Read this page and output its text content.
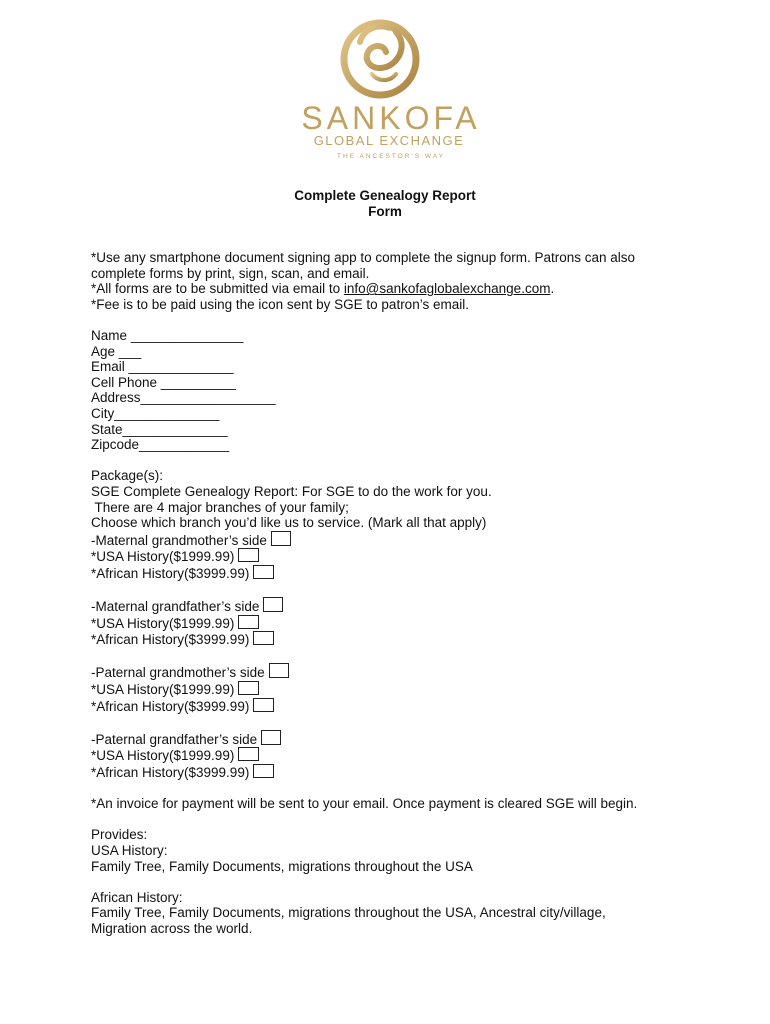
SANKOFA
GLOBAL EXCHANGE
THE ANCESTOR'S WAY
Complete Genealogy Report
Form
*Use any smartphone document signing app to complete the signup form. Patrons can also
complete forms by print, sign, scan, and email.
*All forms are to be submitted via email to info@sankofaglobalexchange.com.
*Fee is to be paid using the icon sent by SGE to patron’s email.
Name _______________
Age ___
Email ______________
Cell Phone __________
Address__________________
City______________
State______________
Zipcode____________
Package(s):
SGE Complete Genealogy Report: For SGE to do the work for you.
There are 4 major branches of your family;
Choose which branch you’d like us to service. (Mark all that apply)
-Maternal grandmother’s side
*USA History($1999.99)
*African History($3999.99)
-Maternal grandfather’s side
*USA History($1999.99)
*African History($3999.99)
-Paternal grandmother’s side
*USA History($1999.99)
*African History($3999.99)
-Paternal grandfather’s side
*USA History($1999.99)
*African History($3999.99)
*An invoice for payment will be sent to your email. Once payment is cleared SGE will begin.
Provides:
USA History:
Family Tree, Family Documents, migrations throughout the USA
African History:
Family Tree, Family Documents, migrations throughout the USA, Ancestral city/village,
Migration across the world.
